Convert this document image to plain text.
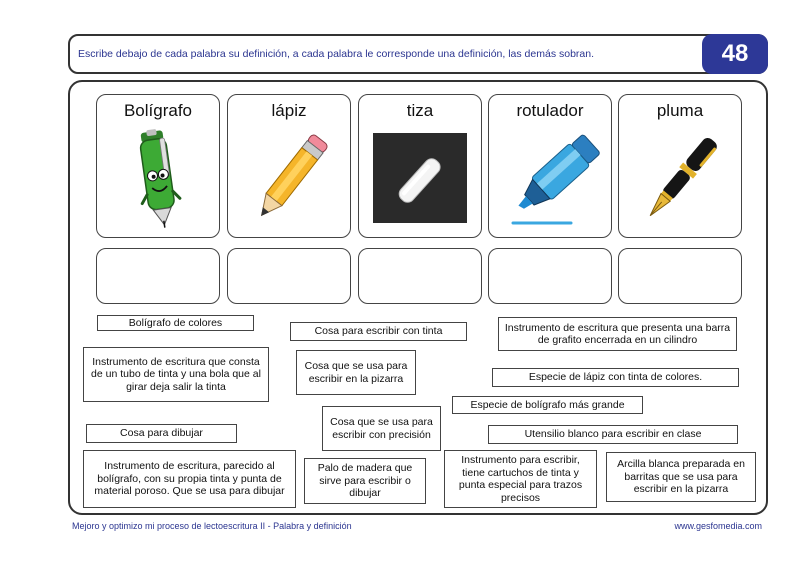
Escribe debajo de cada palabra su definición, a cada palabra le corresponde una definición, las demás sobran.	48
Bolígrafo	lápiz	tiza	rotulador	pluma
Bolígrafo de colores
Cosa para escribir con tinta	Instrumento de escritura que presenta una barra de grafito encerrada en un cilindro
Instrumento de escritura que consta de un tubo de tinta y una bola que al girar deja salir la tinta
Cosa que se usa para escribir en la pizarra	Especie de lápiz con tinta de colores.
Especie de bolígrafo más grande
Cosa que se usa para escribir con precisión
Cosa para dibujar	Utensilio blanco para escribir en clase
Instrumento de escritura, parecido al bolígrafo, con su propia tinta y punta de material poroso. Que se usa para dibujar
Palo de madera que sirve para escribir o dibujar
Instrumento para escribir, tiene cartuchos de tinta y punta especial para trazos precisos
Arcilla blanca preparada en barritas que se usa para escribir en la pizarra
Mejoro y optimizo mi proceso de lectoescritura II - Palabra y definición	www.gesfomedia.com
